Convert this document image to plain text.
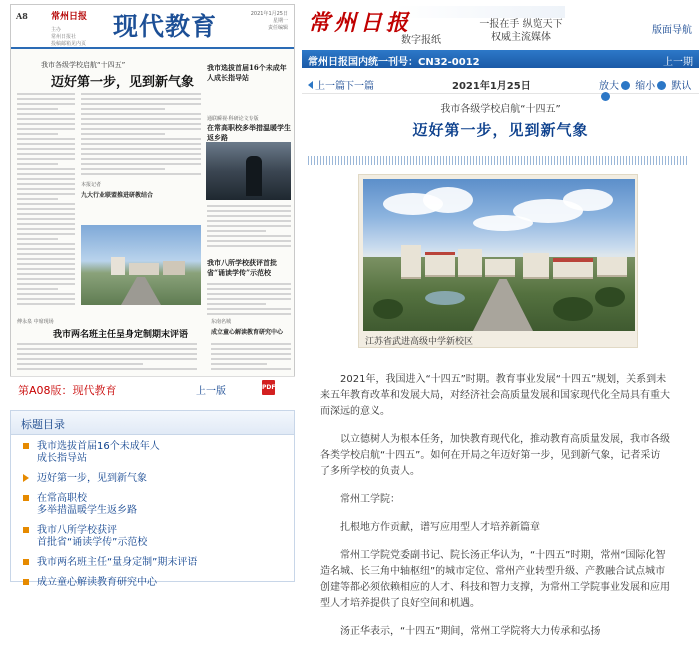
A8	常州日报
主办
常州日报社
投稿邮箱见内页
现代教育	2021年1月25日
星期一
责任编辑
我市各级学校启航“十四五”
迈好第一步，见到新气象
我市选拔首届16个未成年人成长指导站
通联瞬视·科研论文专版
在常高职校多举措温暖学生返乡路
我市八所学校获评首批省“诵读学传”示范校
九大行业联盟推进研教结合
本报记者
傅永泉 中席现场
我市两名班主任呈身定制期末评语
东南名城
成立童心解读教育研究中心
第A08版：现代教育	上一版	PDF
标题目录
我市选拔首届16个未成年人
成长指导站
迈好第一步，见到新气象
在常高职校
多举措温暖学生返乡路
我市八所学校获评
首批省“诵读学传”示范校
我市两名班主任“量身定制”期末评语
成立童心解读教育研究中心
常州日报
数字报纸
一报在手 纵览天下
权威主流媒体
版面导航
常州日报国内统一刊号：CN32-0012	上一期
上一篇 下一篇	2021年1月25日	放大 缩小 默认
我市各级学校启航“十四五”
迈好第一步，见到新气象
江苏省武进高级中学新校区

2021年，我国进入“十四五”时期。教育事业发展“十四五”规划，关系到未来五年教育改革和发展大局，对经济社会高质量发展和国家现代化全局具有重大而深远的意义。

以立德树人为根本任务，加快教育现代化，推动教育高质量发展，我市各级各类学校启航“十四五”。如何在开局之年迈好第一步，见到新气象，记者采访了多所学校的负责人。

常州工学院：

扎根地方作贡献，谱写应用型人才培养新篇章

常州工学院党委副书记、院长汤正华认为，“十四五”时期，常州“国际化智造名城、长三角中轴枢纽”的城市定位、常州产业转型升级、产教融合试点城市创建等都必须依赖相应的人才、科技和智力支撑，为常州工学院事业发展和应用型人才培养提供了良好空间和机遇。

汤正华表示，“十四五”期间，常州工学院将大力传承和弘扬
